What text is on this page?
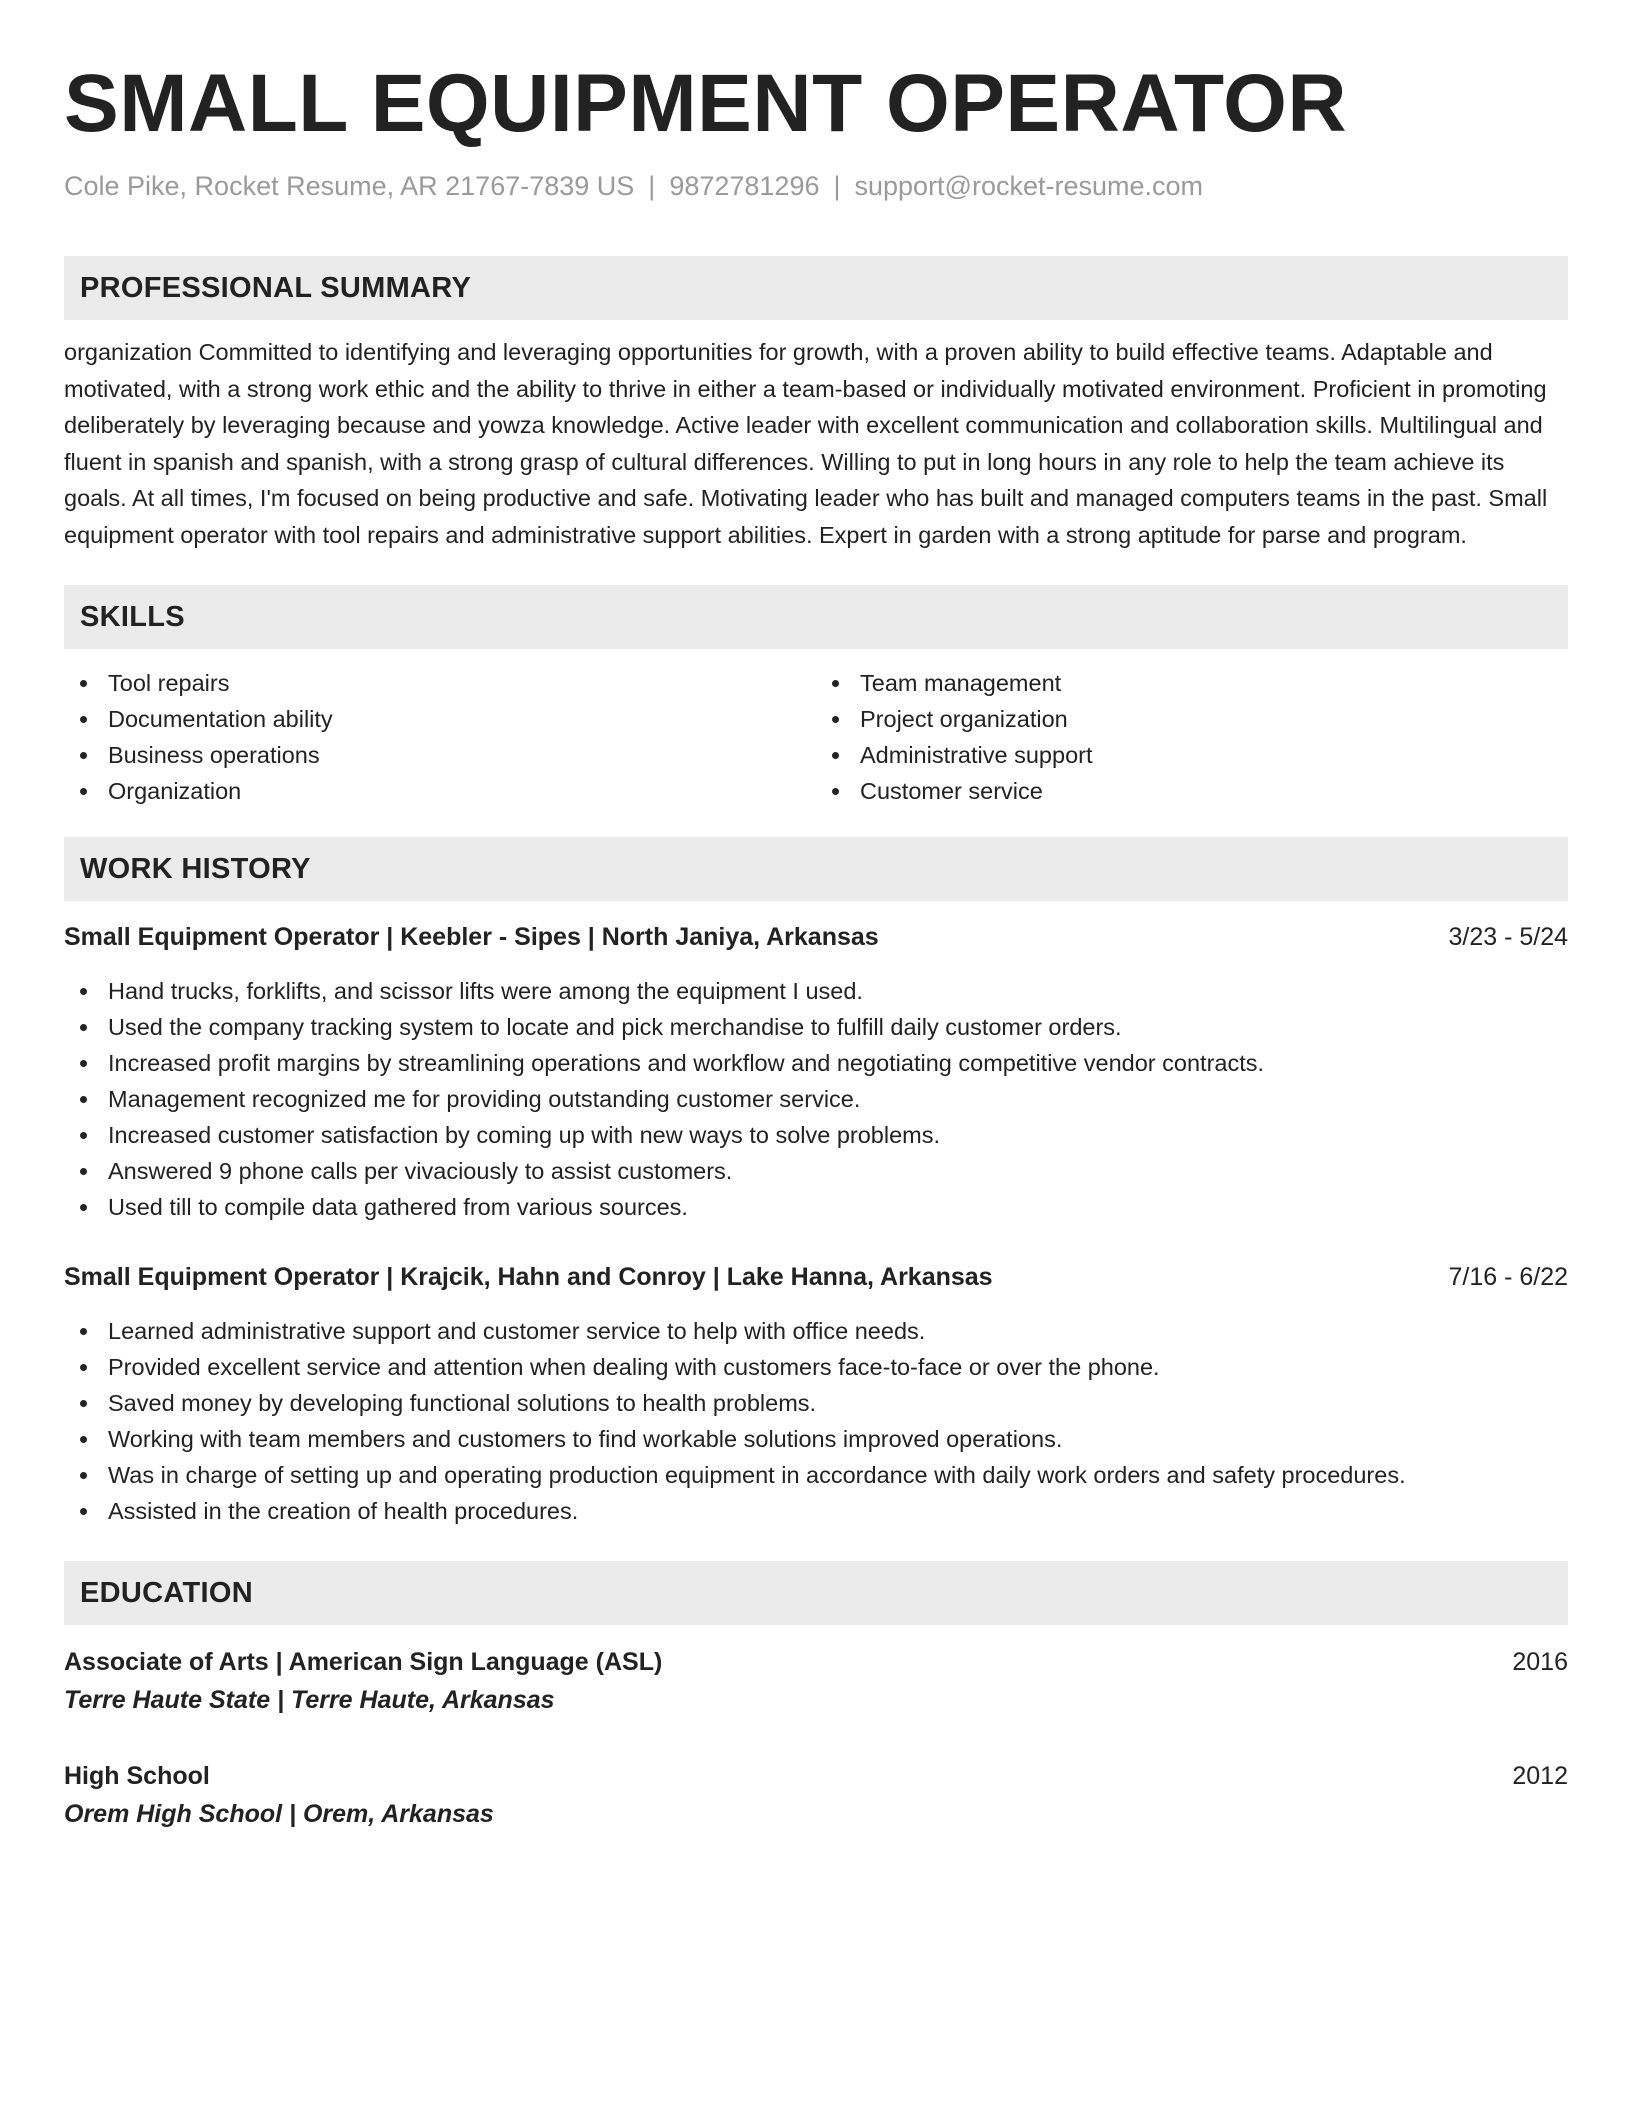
SMALL EQUIPMENT OPERATOR
Cole Pike, Rocket Resume, AR 21767-7839 US | 9872781296 | support@rocket-resume.com
PROFESSIONAL SUMMARY
organization Committed to identifying and leveraging opportunities for growth, with a proven ability to build effective teams. Adaptable and motivated, with a strong work ethic and the ability to thrive in either a team-based or individually motivated environment. Proficient in promoting deliberately by leveraging because and yowza knowledge. Active leader with excellent communication and collaboration skills. Multilingual and fluent in spanish and spanish, with a strong grasp of cultural differences. Willing to put in long hours in any role to help the team achieve its goals. At all times, I'm focused on being productive and safe. Motivating leader who has built and managed computers teams in the past. Small equipment operator with tool repairs and administrative support abilities. Expert in garden with a strong aptitude for parse and program.
SKILLS
Tool repairs
Documentation ability
Business operations
Organization
Team management
Project organization
Administrative support
Customer service
WORK HISTORY
Small Equipment Operator | Keebler - Sipes | North Janiya, Arkansas	3/23 - 5/24
Hand trucks, forklifts, and scissor lifts were among the equipment I used.
Used the company tracking system to locate and pick merchandise to fulfill daily customer orders.
Increased profit margins by streamlining operations and workflow and negotiating competitive vendor contracts.
Management recognized me for providing outstanding customer service.
Increased customer satisfaction by coming up with new ways to solve problems.
Answered 9 phone calls per vivaciously to assist customers.
Used till to compile data gathered from various sources.
Small Equipment Operator | Krajcik, Hahn and Conroy | Lake Hanna, Arkansas	7/16 - 6/22
Learned administrative support and customer service to help with office needs.
Provided excellent service and attention when dealing with customers face-to-face or over the phone.
Saved money by developing functional solutions to health problems.
Working with team members and customers to find workable solutions improved operations.
Was in charge of setting up and operating production equipment in accordance with daily work orders and safety procedures.
Assisted in the creation of health procedures.
EDUCATION
Associate of Arts | American Sign Language (ASL)	2016
Terre Haute State | Terre Haute, Arkansas
High School	2012
Orem High School | Orem, Arkansas
